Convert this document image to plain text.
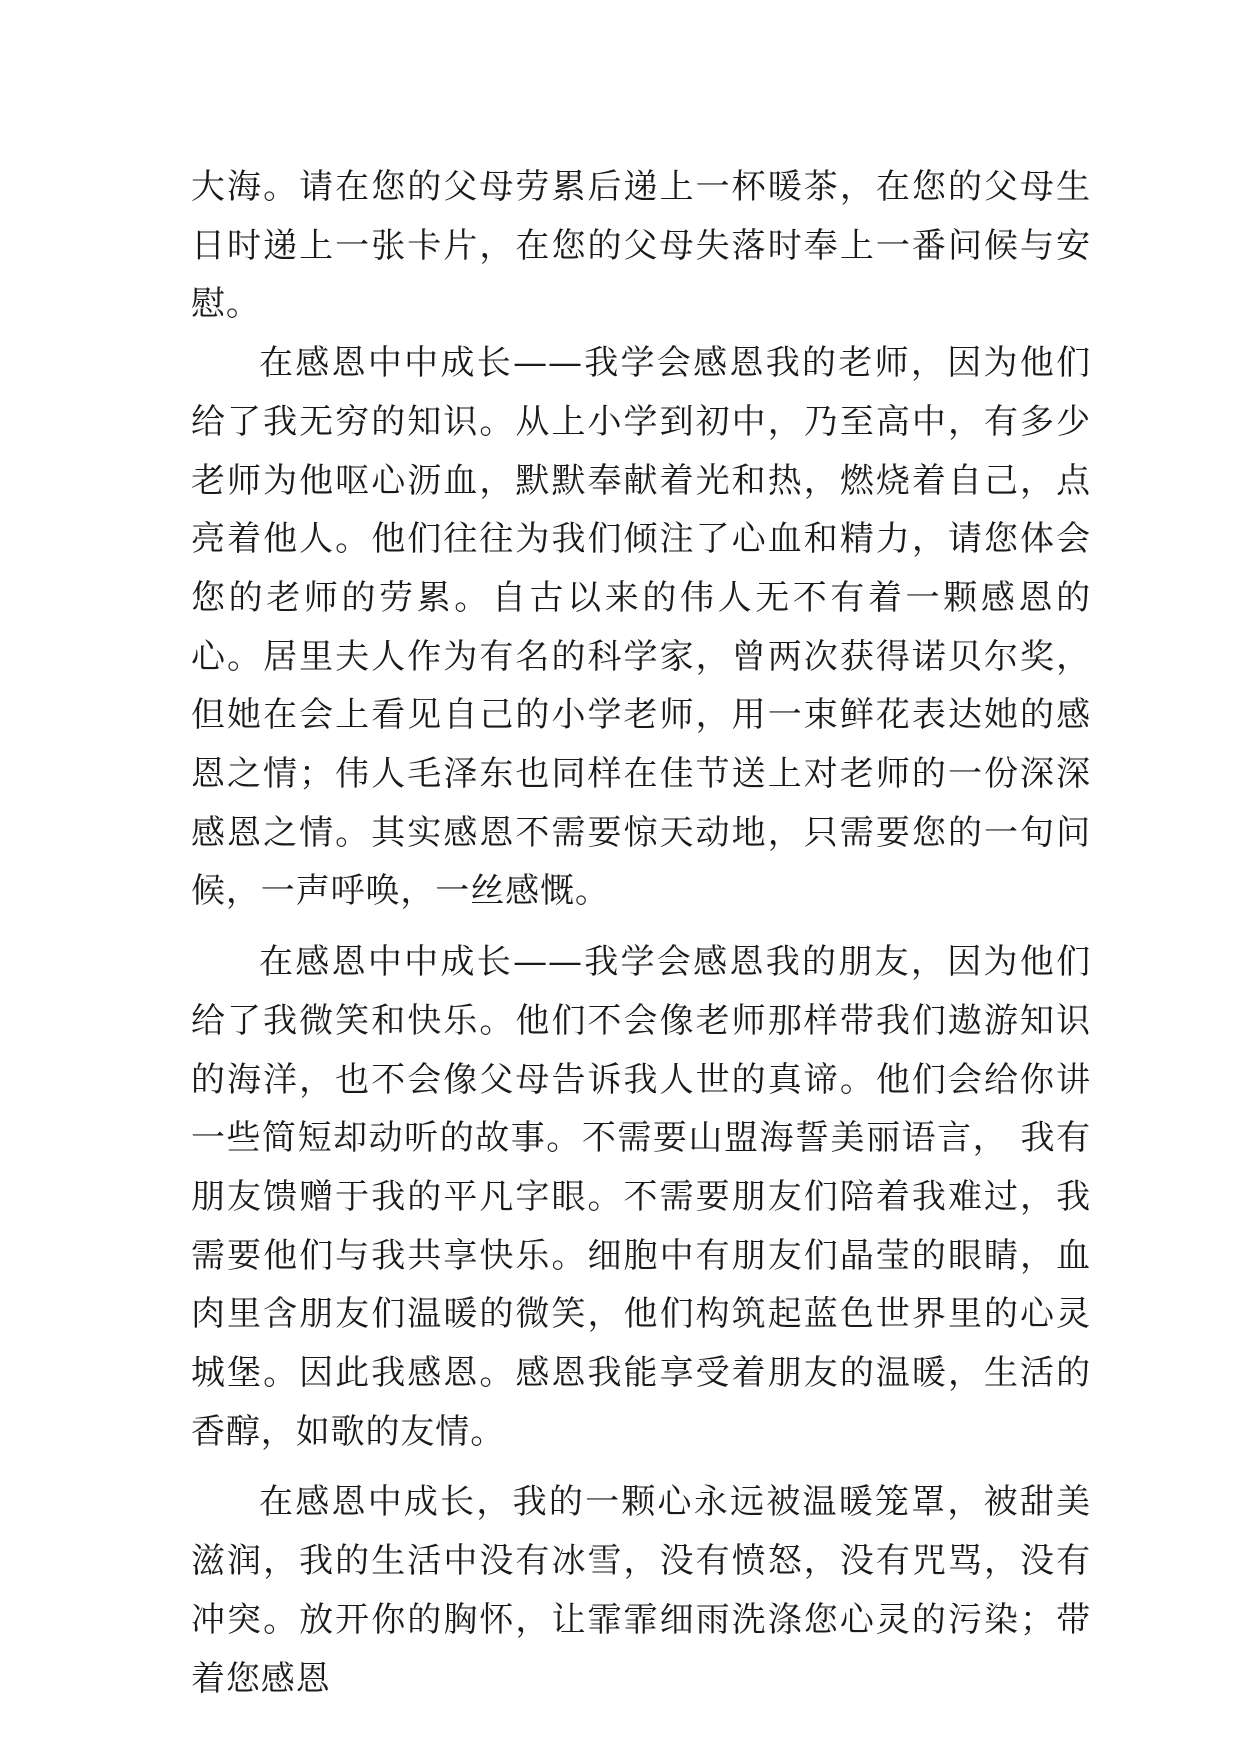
大海。请在您的父母劳累后递上一杯暖茶，在您的父母生日时递上一张卡片，在您的父母失落时奉上一番问候与安慰。

在感恩中中成长——我学会感恩我的老师，因为他们给了我无穷的知识。从上小学到初中，乃至高中，有多少老师为他呕心沥血，默默奉献着光和热，燃烧着自己，点亮着他人。他们往往为我们倾注了心血和精力，请您体会您的老师的劳累。自古以来的伟人无不有着一颗感恩的心。居里夫人作为有名的科学家，曾两次获得诺贝尔奖，但她在会上看见自己的小学老师，用一束鲜花表达她的感恩之情；伟人毛泽东也同样在佳节送上对老师的一份深深感恩之情。其实感恩不需要惊天动地，只需要您的一句问候，一声呼唤，一丝感慨。

在感恩中中成长——我学会感恩我的朋友，因为他们给了我微笑和快乐。他们不会像老师那样带我们遨游知识的海洋，也不会像父母告诉我人世的真谛。他们会给你讲一些简短却动听的故事。不需要山盟海誓美丽语言， 我有朋友馈赠于我的平凡字眼。不需要朋友们陪着我难过，我需要他们与我共享快乐。细胞中有朋友们晶莹的眼睛，血肉里含朋友们温暖的微笑，他们构筑起蓝色世界里的心灵城堡。因此我感恩。感恩我能享受着朋友的温暖，生活的香醇，如歌的友情。

在感恩中成长，我的一颗心永远被温暖笼罩，被甜美滋润，我的生活中没有冰雪，没有愤怒，没有咒骂，没有冲突。放开你的胸怀，让霏霏细雨洗涤您心灵的污染；带着您感恩
